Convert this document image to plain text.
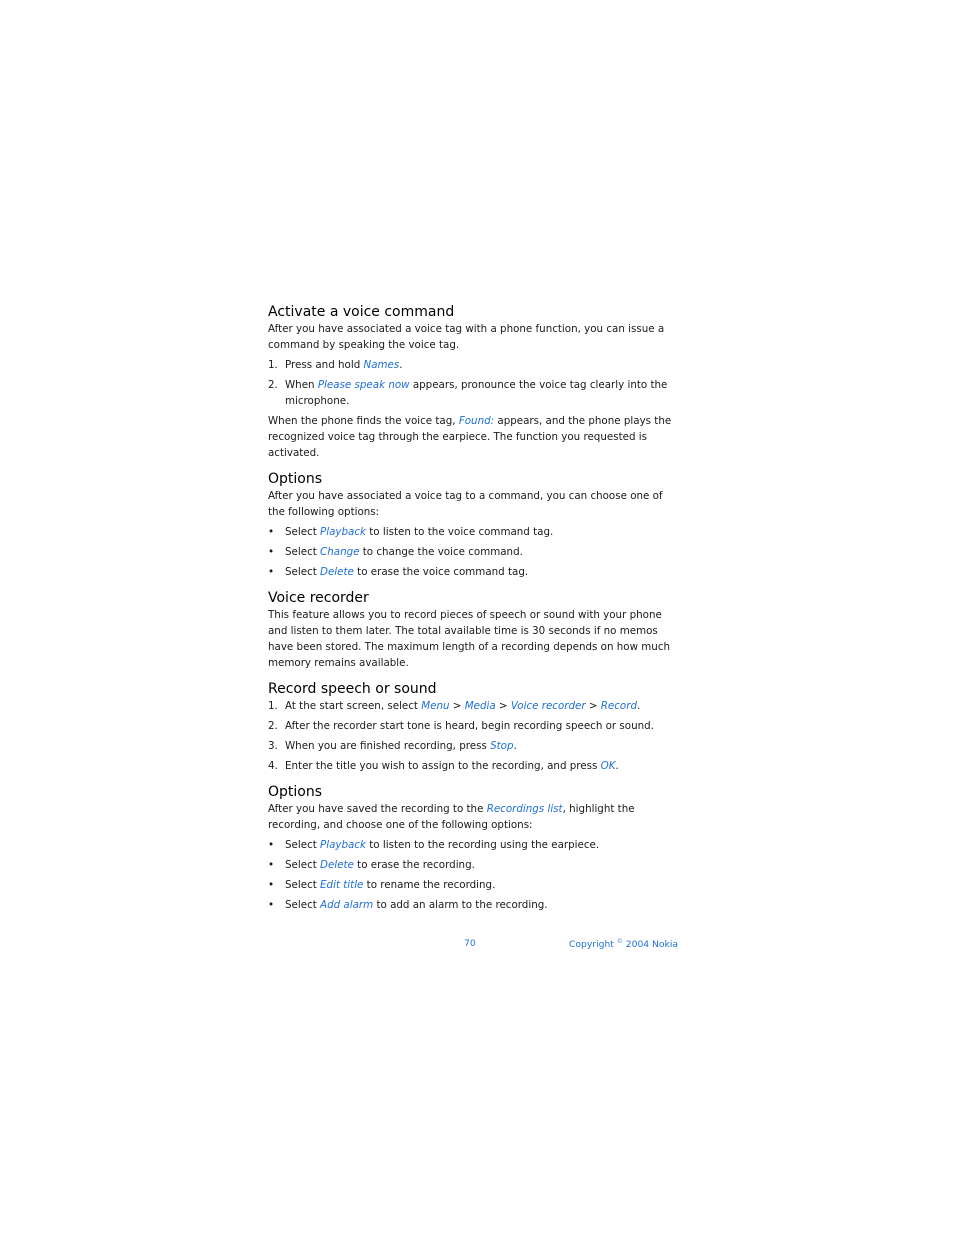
Activate a voice command

After you have associated a voice tag with a phone function, you can issue a command by speaking the voice tag.

1. Press and hold Names.
2. When Please speak now appears, pronounce the voice tag clearly into the microphone.

When the phone finds the voice tag, Found: appears, and the phone plays the recognized voice tag through the earpiece. The function you requested is activated.

Options

After you have associated a voice tag to a command, you can choose one of the following options:

• Select Playback to listen to the voice command tag.
• Select Change to change the voice command.
• Select Delete to erase the voice command tag.
Voice recorder

This feature allows you to record pieces of speech or sound with your phone and listen to them later. The total available time is 30 seconds if no memos have been stored. The maximum length of a recording depends on how much memory remains available.

Record speech or sound
1. At the start screen, select Menu > Media > Voice recorder > Record.
2. After the recorder start tone is heard, begin recording speech or sound.
3. When you are finished recording, press Stop.
4. Enter the title you wish to assign to the recording, and press OK.
Options

After you have saved the recording to the Recordings list, highlight the recording, and choose one of the following options:

• Select Playback to listen to the recording using the earpiece.
• Select Delete to erase the recording.
• Select Edit title to rename the recording.
• Select Add alarm to add an alarm to the recording.
70	Copyright © 2004 Nokia
